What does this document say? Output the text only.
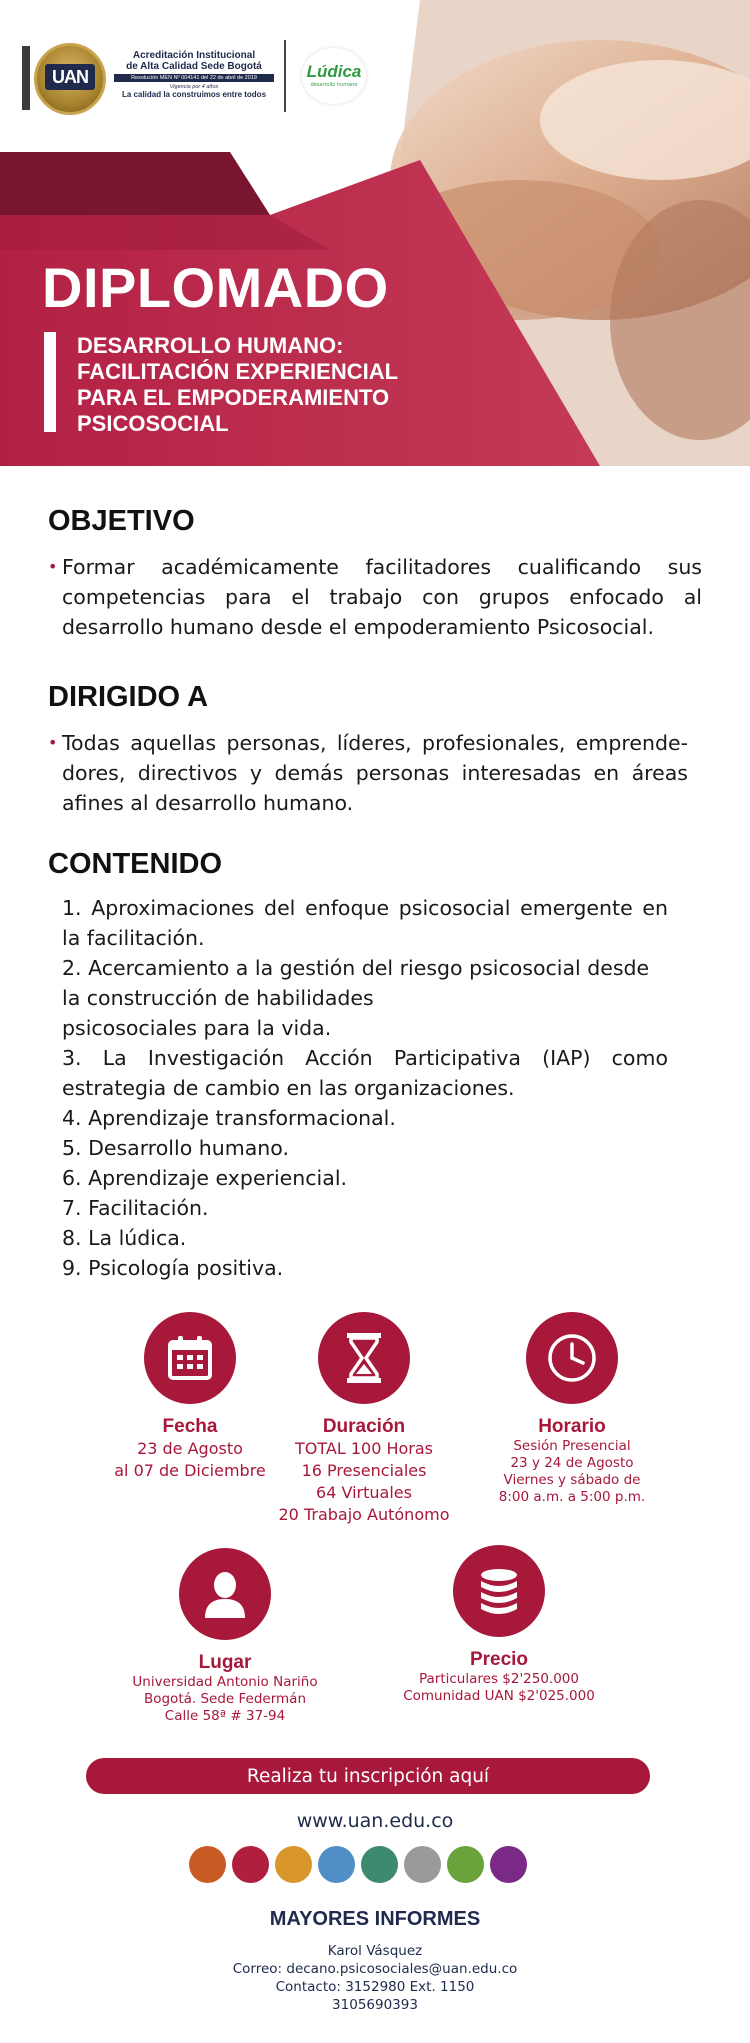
UAN
Acreditación Institucional
de Alta Calidad Sede Bogotá
Resolución MEN Nº 004141 del 22 de abril de 2019
Vigencia por 4 años
La calidad la construimos entre todos
Lúdica
desarrollo humano
DIPLOMADO
DESARROLLO HUMANO:
FACILITACIÓN EXPERIENCIAL
PARA EL EMPODERAMIENTO
PSICOSOCIAL
OBJETIVO
• Formar académicamente facilitadores cualificando sus competencias para el trabajo con grupos enfocado al desarrollo humano desde el empoderamiento Psicosocial.
DIRIGIDO A
• Todas aquellas personas, líderes, profesionales, emprende-dores, directivos y demás personas interesadas en áreas afines al desarrollo humano.
CONTENIDO
1. Aproximaciones del enfoque psicosocial emergente en la facilitación.
2. Acercamiento a la gestión del riesgo psicosocial desde la construcción de habilidades
psicosociales para la vida.
3. La Investigación Acción Participativa (IAP) como estrategia de cambio en las organizaciones.
4. Aprendizaje transformacional.
5. Desarrollo humano.
6. Aprendizaje experiencial.
7. Facilitación.
8. La lúdica.
9. Psicología positiva.
Fecha
23 de Agosto
al 07 de Diciembre
Duración
TOTAL 100 Horas
16 Presenciales
64 Virtuales
20 Trabajo Autónomo
Horario
Sesión Presencial
23 y 24 de Agosto
Viernes y sábado de
8:00 a.m. a 5:00 p.m.
Lugar
Universidad Antonio Nariño
Bogotá. Sede Federmán
Calle 58ª # 37-94
Precio
Particulares $2'250.000
Comunidad UAN $2'025.000
Realiza tu inscripción aquí
www.uan.edu.co
MAYORES INFORMES
Karol Vásquez
Correo: decano.psicosociales@uan.edu.co
Contacto: 3152980 Ext. 1150
3105690393
